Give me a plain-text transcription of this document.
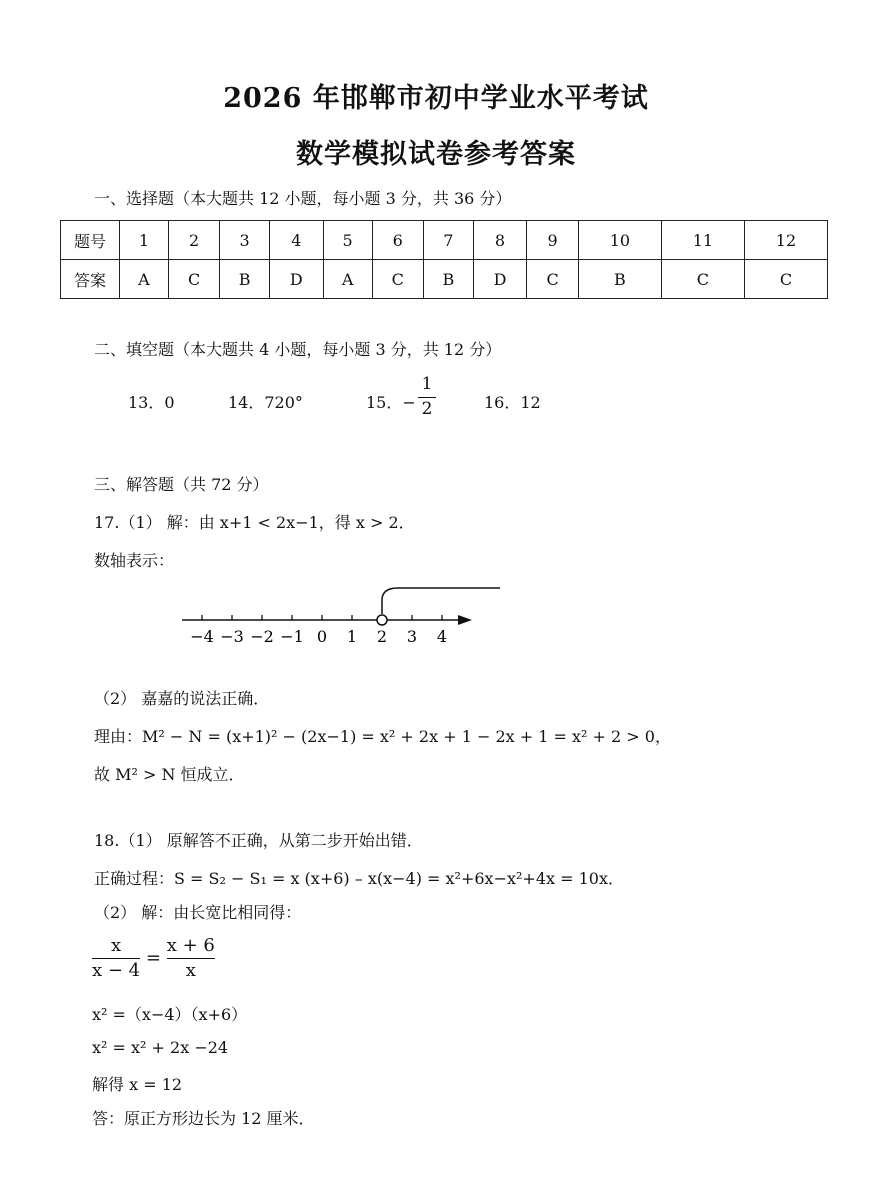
2026 年邯郸市初中学业水平考试
数学模拟试卷参考答案
一、选择题（本大题共 12 小题，每小题 3 分，共 36 分）
题号	1	2	3	4	5	6	7	8	9	10	11	12
答案	A	C	B	D	A	C	B	D	C	B	C	C
二、填空题（本大题共 4 小题，每小题 3 分，共 12 分）
13．0	14．720°	15．−
1
2	16．12
三、解答题（共 72 分）
17.（1） 解：由 x+1 < 2x−1，得 x > 2．
数轴表示：
−4 −3 −2 −1 0 1 2 3 4
（2） 嘉嘉的说法正确．
理由：M² − N = (x+1)² − (2x−1) = x² + 2x + 1 − 2x + 1 = x² + 2 > 0，
故 M² > N 恒成立．
18.（1） 原解答不正确，从第二步开始出错．
正确过程：S = S₂ − S₁ = x (x+6) – x(x−4) = x²+6x−x²+4x = 10x．
（2） 解：由长宽比相同得：
$\frac{x}{x - 4} = \frac{x + 6}{x}$
x² =（x−4）（x+6）
x² = x² + 2x −24
解得 x = 12
答：原正方形边长为 12 厘米．
